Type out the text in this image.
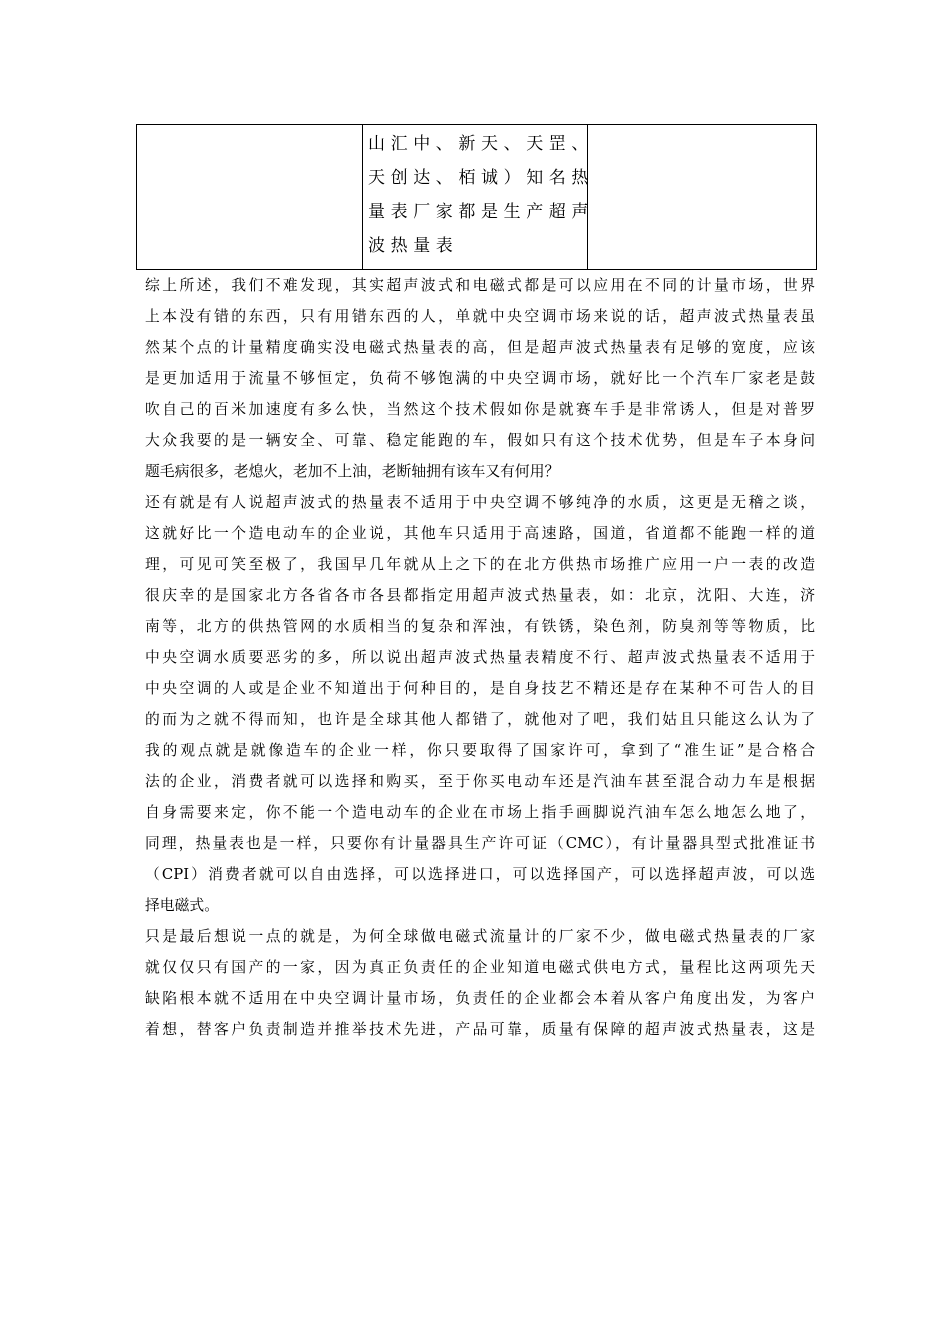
山汇中、新天、天罡、
天创达、栢诚）知名热
量表厂家都是生产超声
波热量表

综上所述，我们不难发现，其实超声波式和电磁式都是可以应用在不同的计量市场，世界
上本没有错的东西，只有用错东西的人，单就中央空调市场来说的话，超声波式热量表虽
然某个点的计量精度确实没电磁式热量表的高，但是超声波式热量表有足够的宽度，应该
是更加适用于流量不够恒定，负荷不够饱满的中央空调市场，就好比一个汽车厂家老是鼓
吹自己的百米加速度有多么快，当然这个技术假如你是就赛车手是非常诱人，但是对普罗
大众我要的是一辆安全、可靠、稳定能跑的车，假如只有这个技术优势，但是车子本身问
题毛病很多，老熄火，老加不上油，老断轴拥有该车又有何用？
还有就是有人说超声波式的热量表不适用于中央空调不够纯净的水质，这更是无稽之谈，
这就好比一个造电动车的企业说，其他车只适用于高速路，国道，省道都不能跑一样的道
理，可见可笑至极了，我国早几年就从上之下的在北方供热市场推广应用一户一表的改造
很庆幸的是国家北方各省各市各县都指定用超声波式热量表，如：北京，沈阳、大连，济
南等，北方的供热管网的水质相当的复杂和浑浊，有铁锈，染色剂，防臭剂等等物质，比
中央空调水质要恶劣的多，所以说出超声波式热量表精度不行、超声波式热量表不适用于
中央空调的人或是企业不知道出于何种目的，是自身技艺不精还是存在某种不可告人的目
的而为之就不得而知，也许是全球其他人都错了，就他对了吧，我们姑且只能这么认为了
我的观点就是就像造车的企业一样，你只要取得了国家许可，拿到了“准生证”是合格合
法的企业，消费者就可以选择和购买，至于你买电动车还是汽油车甚至混合动力车是根据
自身需要来定，你不能一个造电动车的企业在市场上指手画脚说汽油车怎么地怎么地了，
同理，热量表也是一样，只要你有计量器具生产许可证（CMC），有计量器具型式批准证书
（CPI）消费者就可以自由选择，可以选择进口，可以选择国产，可以选择超声波，可以选
择电磁式。
只是最后想说一点的就是，为何全球做电磁式流量计的厂家不少，做电磁式热量表的厂家
就仅仅只有国产的一家，因为真正负责任的企业知道电磁式供电方式，量程比这两项先天
缺陷根本就不适用在中央空调计量市场，负责任的企业都会本着从客户角度出发，为客户
着想，替客户负责制造并推举技术先进，产品可靠，质量有保障的超声波式热量表，这是
